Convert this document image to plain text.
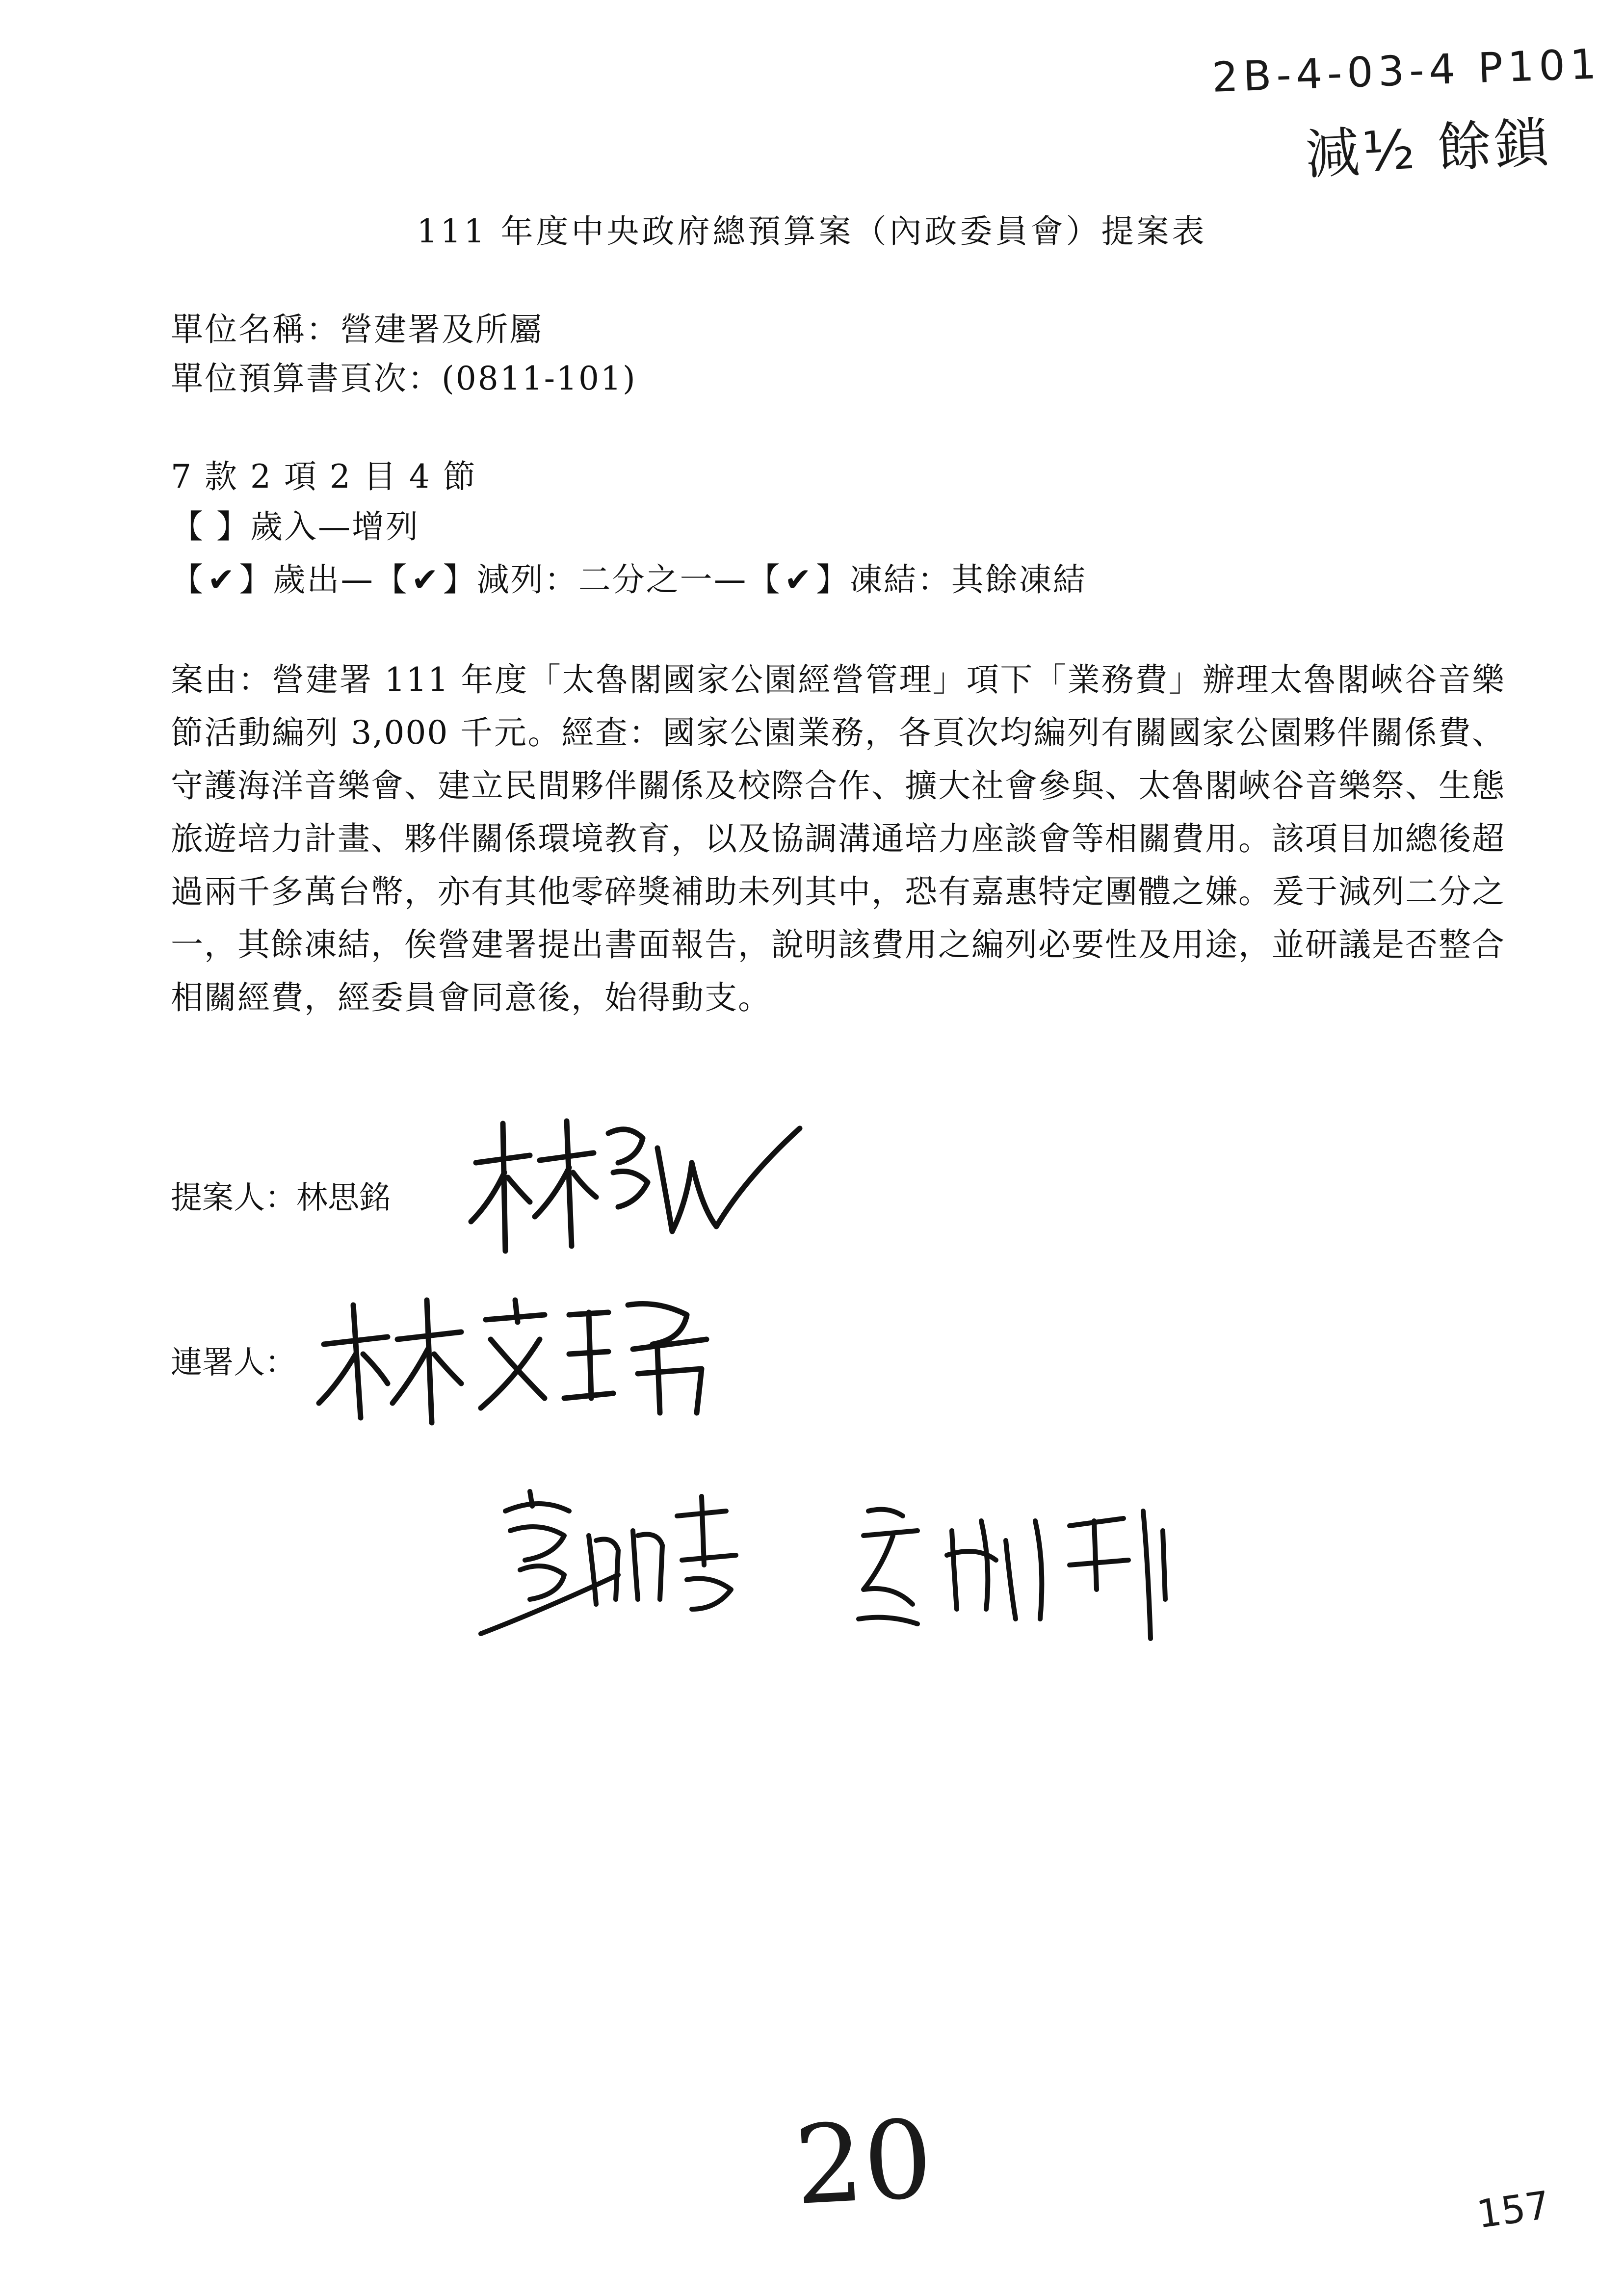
2B-4-03-4 P101
減½ 餘鎖
111 年度中央政府總預算案（內政委員會）提案表
單位名稱：營建署及所屬
單位預算書頁次：(0811-101)
7 款 2 項 2 目 4 節
【 】歲入—增列
【✔】歲出—【✔】減列：二分之一—【✔】凍結：其餘凍結
案由：營建署 111 年度「太魯閣國家公園經營管理」項下「業務費」辦理太魯閣峽谷音樂節活動編列 3,000 千元。經查：國家公園業務，各頁次均編列有關國家公園夥伴關係費、守護海洋音樂會、建立民間夥伴關係及校際合作、擴大社會參與、太魯閣峽谷音樂祭、生態旅遊培力計畫、夥伴關係環境教育，以及協調溝通培力座談會等相關費用。該項目加總後超過兩千多萬台幣，亦有其他零碎獎補助未列其中，恐有嘉惠特定團體之嫌。爰于減列二分之一，其餘凍結，俟營建署提出書面報告，說明該費用之編列必要性及用途，並研議是否整合相關經費，經委員會同意後，始得動支。
提案人：林思銘
連署人：
20	157
